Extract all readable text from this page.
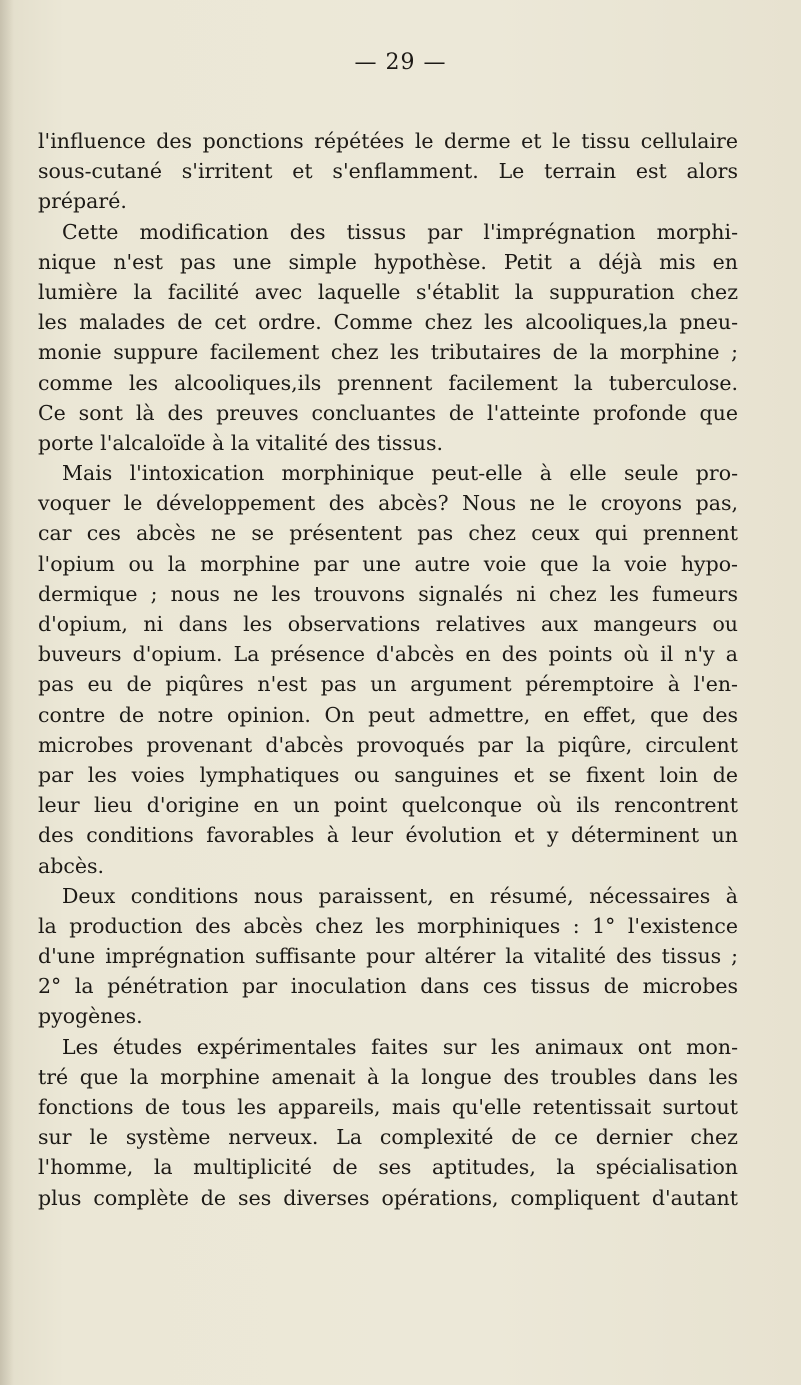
— 29 —
l'influence des ponctions répétées le derme et le tissu cellulaire
sous-cutané s'irritent et s'enflamment. Le terrain est alors
préparé.
Cette modification des tissus par l'imprégnation morphi-
nique n'est pas une simple hypothèse. Petit a déjà mis en
lumière la facilité avec laquelle s'établit la suppuration chez
les malades de cet ordre. Comme chez les alcooliques,la pneu-
monie suppure facilement chez les tributaires de la morphine ;
comme les alcooliques,ils prennent facilement la tuberculose.
Ce sont là des preuves concluantes de l'atteinte profonde que
porte l'alcaloïde à la vitalité des tissus.
Mais l'intoxication morphinique peut-elle à elle seule pro-
voquer le développement des abcès? Nous ne le croyons pas,
car ces abcès ne se présentent pas chez ceux qui prennent
l'opium ou la morphine par une autre voie que la voie hypo-
dermique ; nous ne les trouvons signalés ni chez les fumeurs
d'opium, ni dans les observations relatives aux mangeurs ou
buveurs d'opium. La présence d'abcès en des points où il n'y a
pas eu de piqûres n'est pas un argument péremptoire à l'en-
contre de notre opinion. On peut admettre, en effet, que des
microbes provenant d'abcès provoqués par la piqûre, circulent
par les voies lymphatiques ou sanguines et se fixent loin de
leur lieu d'origine en un point quelconque où ils rencontrent
des conditions favorables à leur évolution et y déterminent un
abcès.
Deux conditions nous paraissent, en résumé, nécessaires à
la production des abcès chez les morphiniques : 1° l'existence
d'une imprégnation suffisante pour altérer la vitalité des tissus ;
2° la pénétration par inoculation dans ces tissus de microbes
pyogènes.
Les études expérimentales faites sur les animaux ont mon-
tré que la morphine amenait à la longue des troubles dans les
fonctions de tous les appareils, mais qu'elle retentissait surtout
sur le système nerveux. La complexité de ce dernier chez
l'homme, la multiplicité de ses aptitudes, la spécialisation
plus complète de ses diverses opérations, compliquent d'autant
